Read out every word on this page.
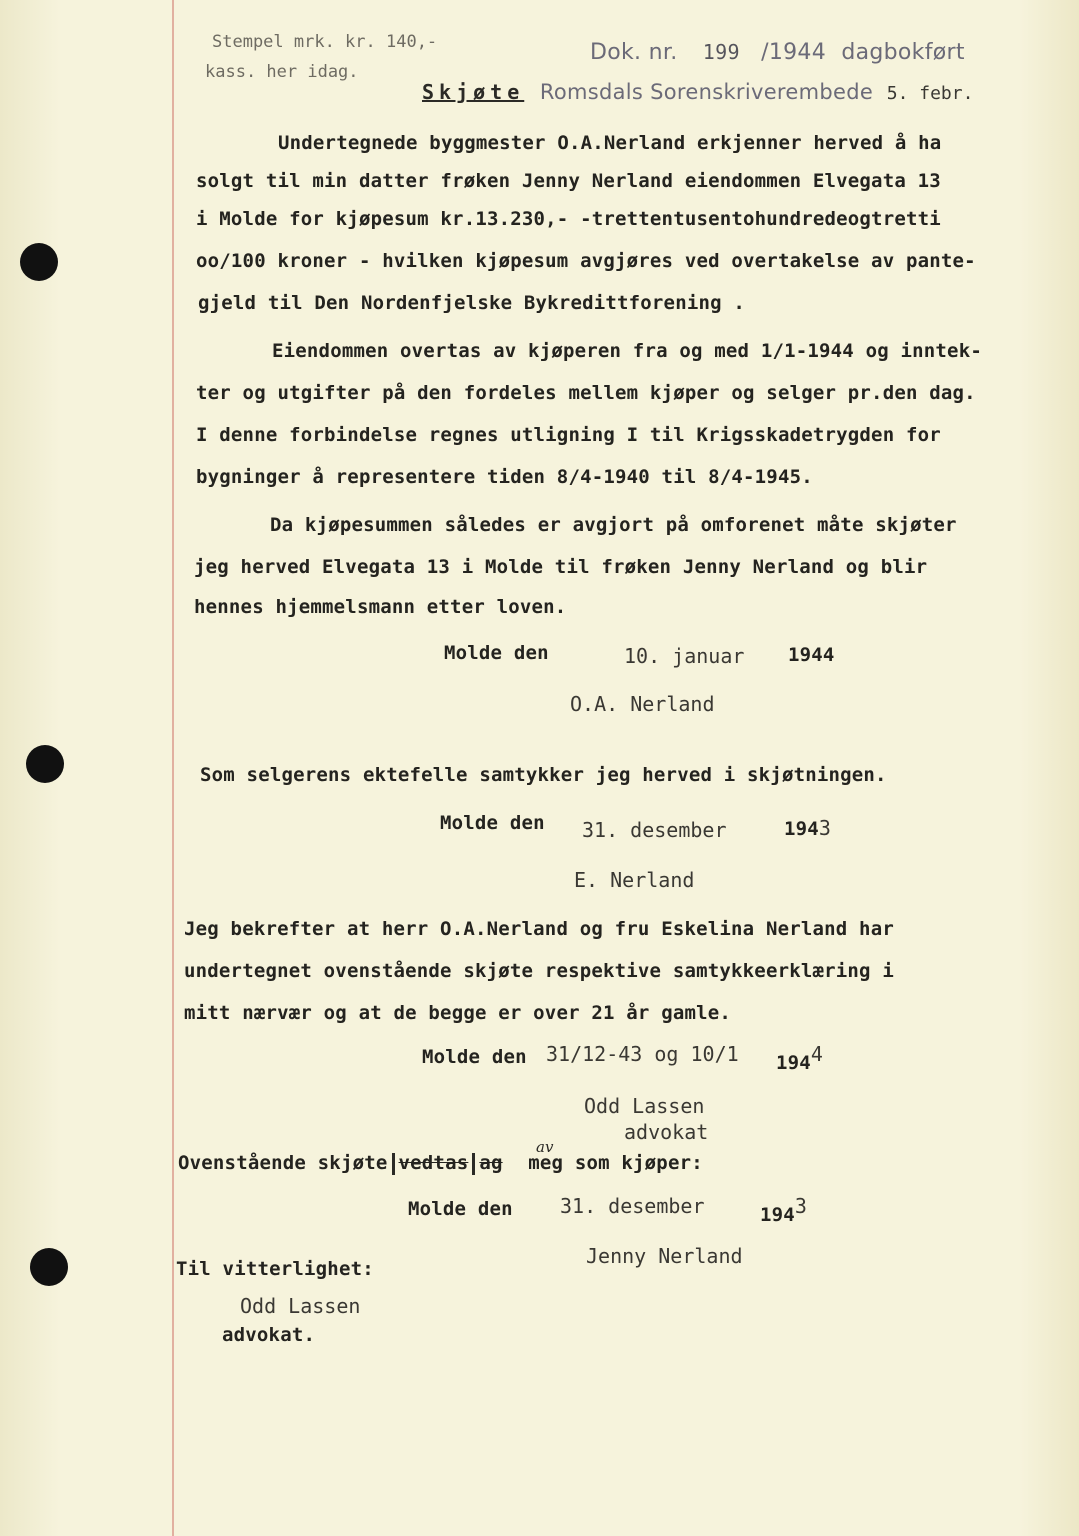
Stempel mrk. kr. 140,-
kass. her idag.
Dok. nr. 199 /1944 dagbokført
Skjøte Romsdals Sorenskriverembede 5. febr.
Undertegnede byggmester O.A.Nerland erkjenner herved å ha
solgt til min datter frøken Jenny Nerland eiendommen Elvegata 13
i Molde for kjøpesum kr.13.230,- -trettentusentohundredeogtretti
oo/100 kroner - hvilken kjøpesum avgjøres ved overtakelse av pante-
gjeld til Den Nordenfjelske Bykredittforening .
Eiendommen overtas av kjøperen fra og med 1/1-1944 og inntek-
ter og utgifter på den fordeles mellem kjøper og selger pr.den dag.
I denne forbindelse regnes utligning I til Krigsskadetrygden for
bygninger å representere tiden 8/4-1940 til 8/4-1945.
Da kjøpesummen således er avgjort på omforenet måte skjøter
jeg herved Elvegata 13 i Molde til frøken Jenny Nerland og blir
hennes hjemmelsmann etter loven.
Molde den	10. januar 1944
O.A. Nerland
Som selgerens ektefelle samtykker jeg herved i skjøtningen.
Molde den 31. desember	1943
E. Nerland
Jeg bekrefter at herr O.A.Nerland og fru Eskelina Nerland har
undertegnet ovenstående skjøte respektive samtykkeerklæring i
mitt nærvær og at de begge er over 21 år gamle.
Molde den 31/12-43 og 10/1 1944
Odd Lassen
advokat
av
Ovenstående skjøte vedtas ag meg som kjøper:
Molde den 31. desember	1943
Jenny Nerland
Til vitterlighet:
Odd Lassen
advokat.
